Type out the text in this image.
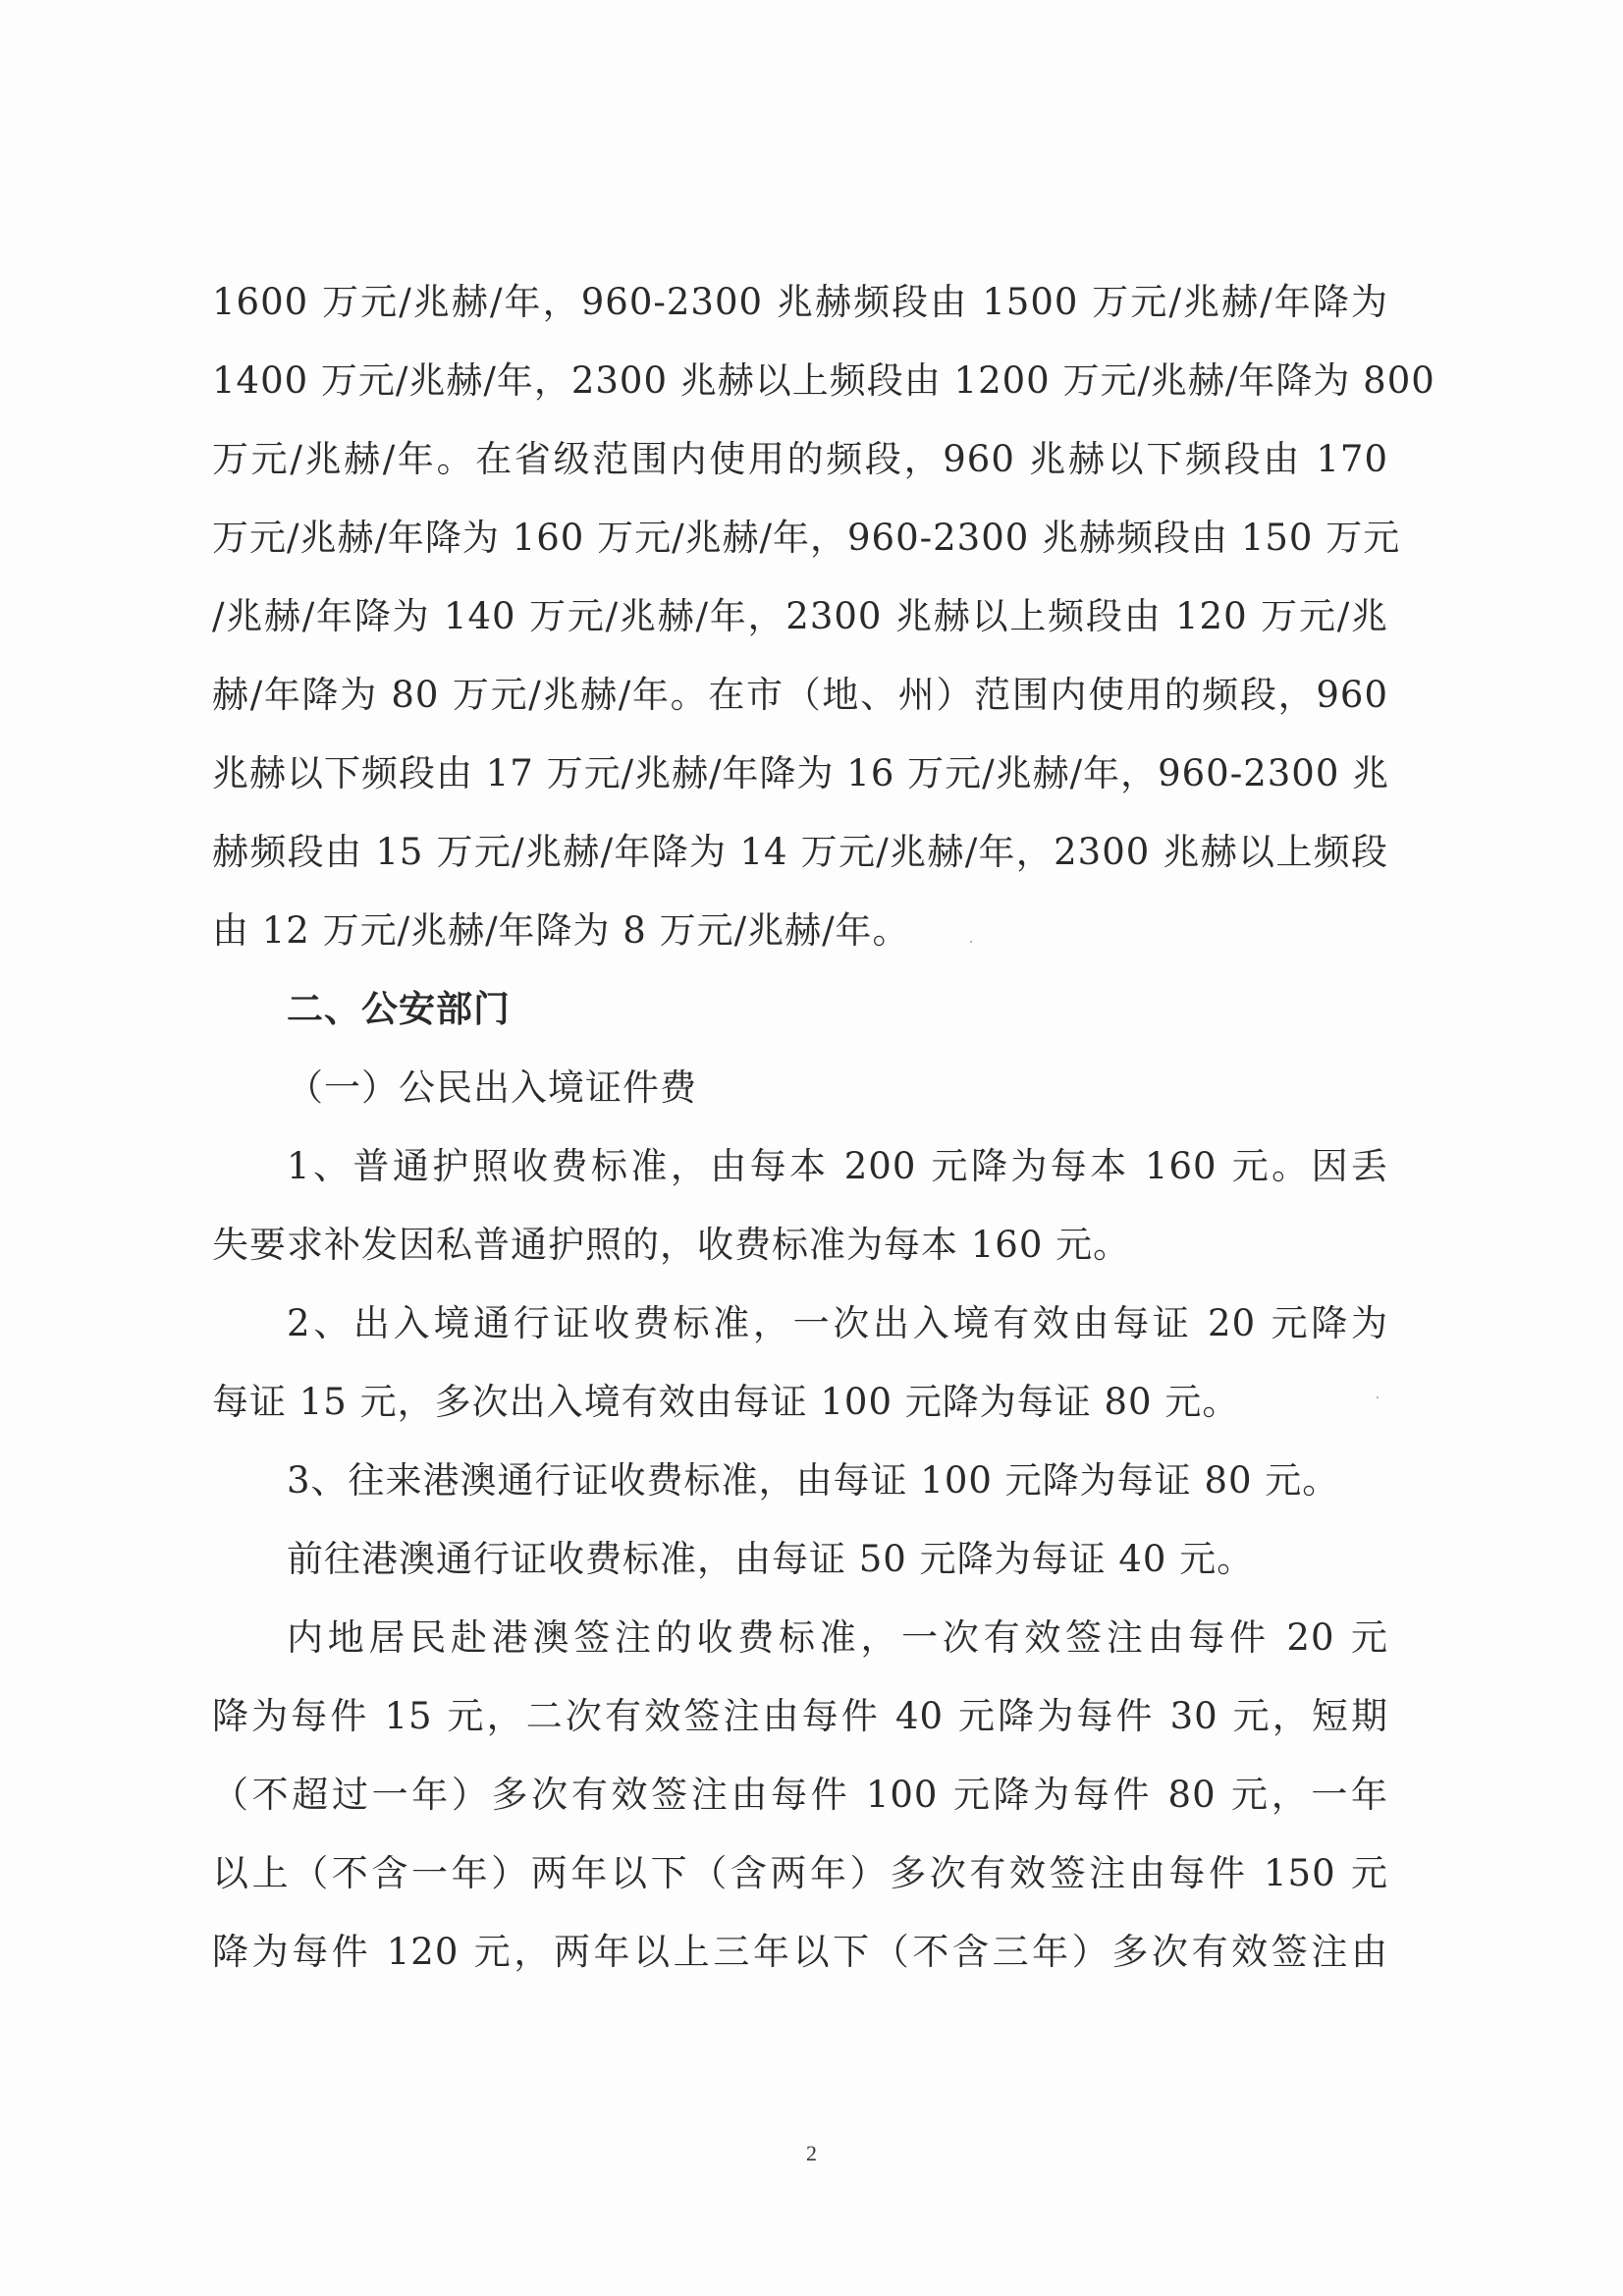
1600 万元/兆赫/年，960-2300 兆赫频段由 1500 万元/兆赫/年降为
1400 万元/兆赫/年，2300 兆赫以上频段由 1200 万元/兆赫/年降为 800
万元/兆赫/年。在省级范围内使用的频段，960 兆赫以下频段由 170
万元/兆赫/年降为 160 万元/兆赫/年，960-2300 兆赫频段由 150 万元
/兆赫/年降为 140 万元/兆赫/年，2300 兆赫以上频段由 120 万元/兆
赫/年降为 80 万元/兆赫/年。在市（地、州）范围内使用的频段，960
兆赫以下频段由 17 万元/兆赫/年降为 16 万元/兆赫/年，960-2300 兆
赫频段由 15 万元/兆赫/年降为 14 万元/兆赫/年，2300 兆赫以上频段
由 12 万元/兆赫/年降为 8 万元/兆赫/年。
二、公安部门
（一）公民出入境证件费
1、普通护照收费标准，由每本 200 元降为每本 160 元。因丢
失要求补发因私普通护照的，收费标准为每本 160 元。
2、出入境通行证收费标准，一次出入境有效由每证 20 元降为
每证 15 元，多次出入境有效由每证 100 元降为每证 80 元。
3、往来港澳通行证收费标准，由每证 100 元降为每证 80 元。
前往港澳通行证收费标准，由每证 50 元降为每证 40 元。
内地居民赴港澳签注的收费标准，一次有效签注由每件 20 元
降为每件 15 元，二次有效签注由每件 40 元降为每件 30 元，短期
（不超过一年）多次有效签注由每件 100 元降为每件 80 元，一年
以上（不含一年）两年以下（含两年）多次有效签注由每件 150 元
降为每件 120 元，两年以上三年以下（不含三年）多次有效签注由
2
